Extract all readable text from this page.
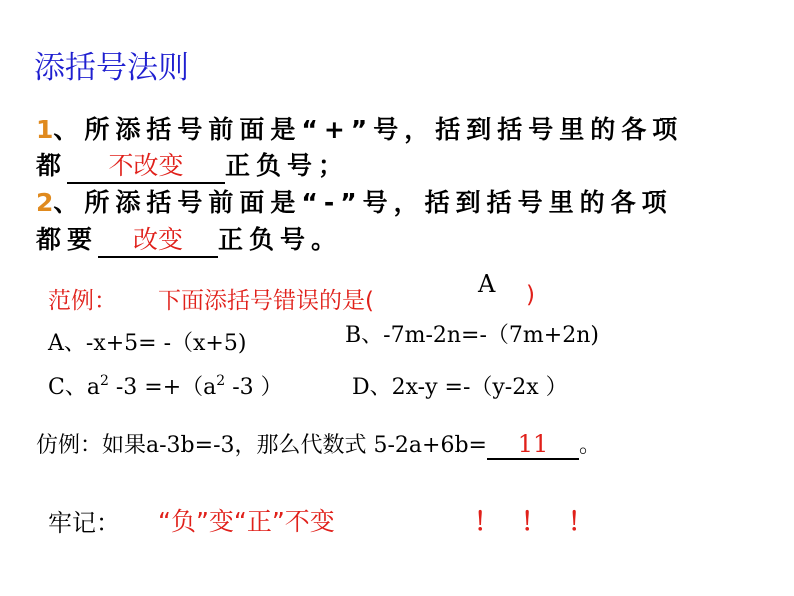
添括号法则
1、所添括号前面是“+”号，括到括号里的各项
都 不改变 正负号；
2、所添括号前面是“-”号，括到括号里的各项
都要 改变 正负号。
范例： 下面添括号错误的是(
A )
A、-x+5= -（x+5)	B、-7m-2n=-（7m+2n)
C、$a^2$ $-3 =+(a^2$ -3 ）	D、2x-y =-（y-2x ）
仿例：如果a-3b=-3，那么代数式 5-2a+6b= 11 。
牢记： “负”变“正”不变	！！！
